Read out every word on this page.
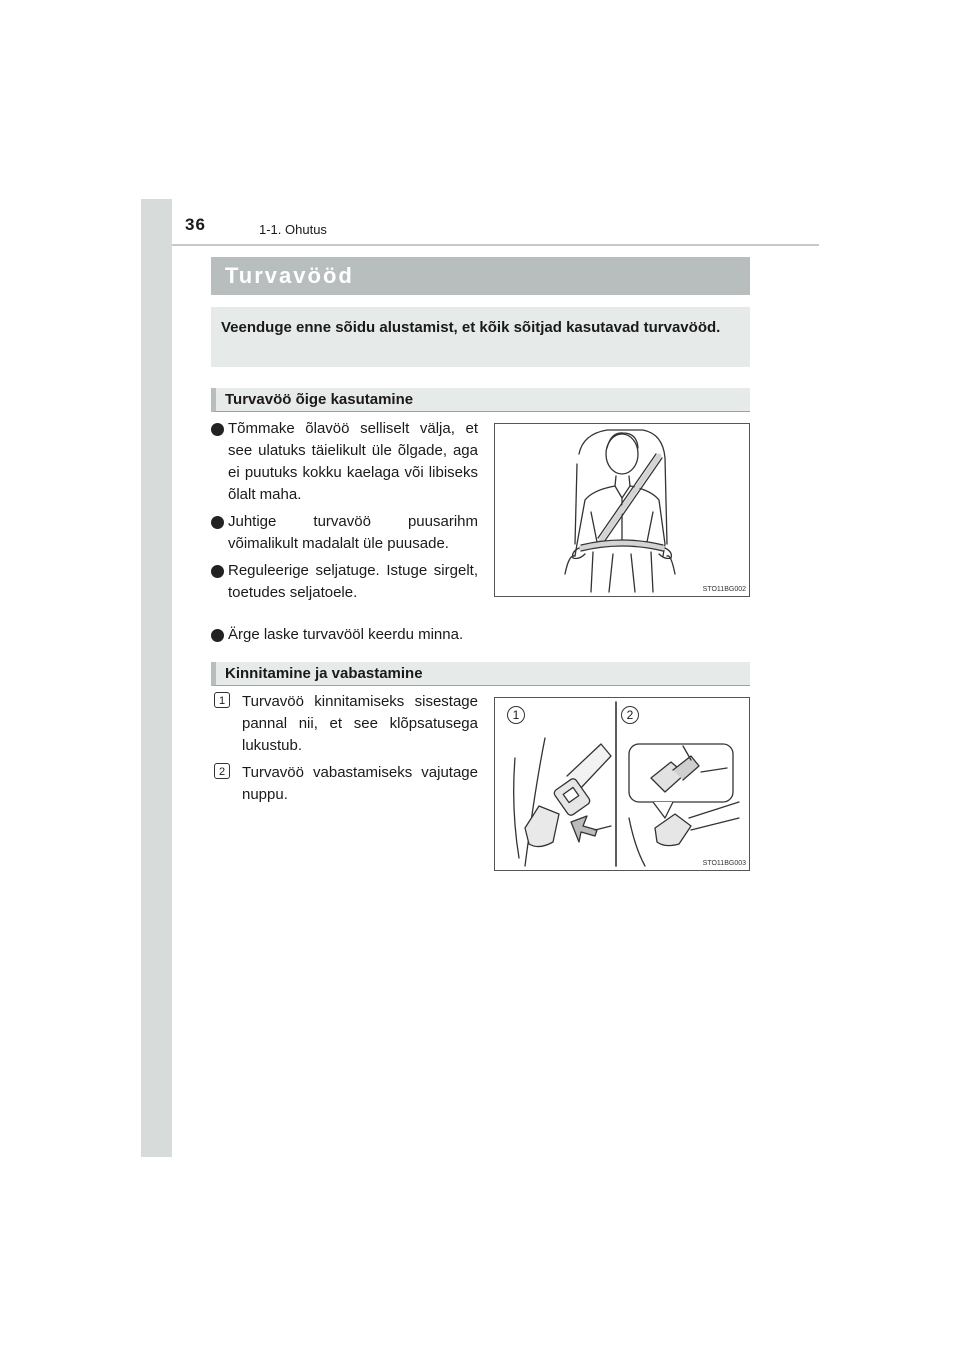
36	1-1. Ohutus
Turvavööd
Veenduge enne sõidu alustamist, et kõik sõitjad kasutavad turvavööd.
Turvavöö õige kasutamine
Tõmmake õlavöö selliselt välja, et see ulatuks täielikult üle õlgade, aga ei puutuks kokku kaelaga või libiseks õlalt maha.
Juhtige turvavöö puusarihm võimalikult madalalt üle puusade.
Reguleerige seljatuge. Istuge sirgelt, toetudes seljatoele.
Ärge laske turvavööl keerdu minna.
STO11BG002
Kinnitamine ja vabastamine
1	Turvavöö kinnitamiseks sisestage pannal nii, et see klõpsatusega lukustub.
2	Turvavöö vabastamiseks vajutage nuppu.
1	2
STO11BG003
